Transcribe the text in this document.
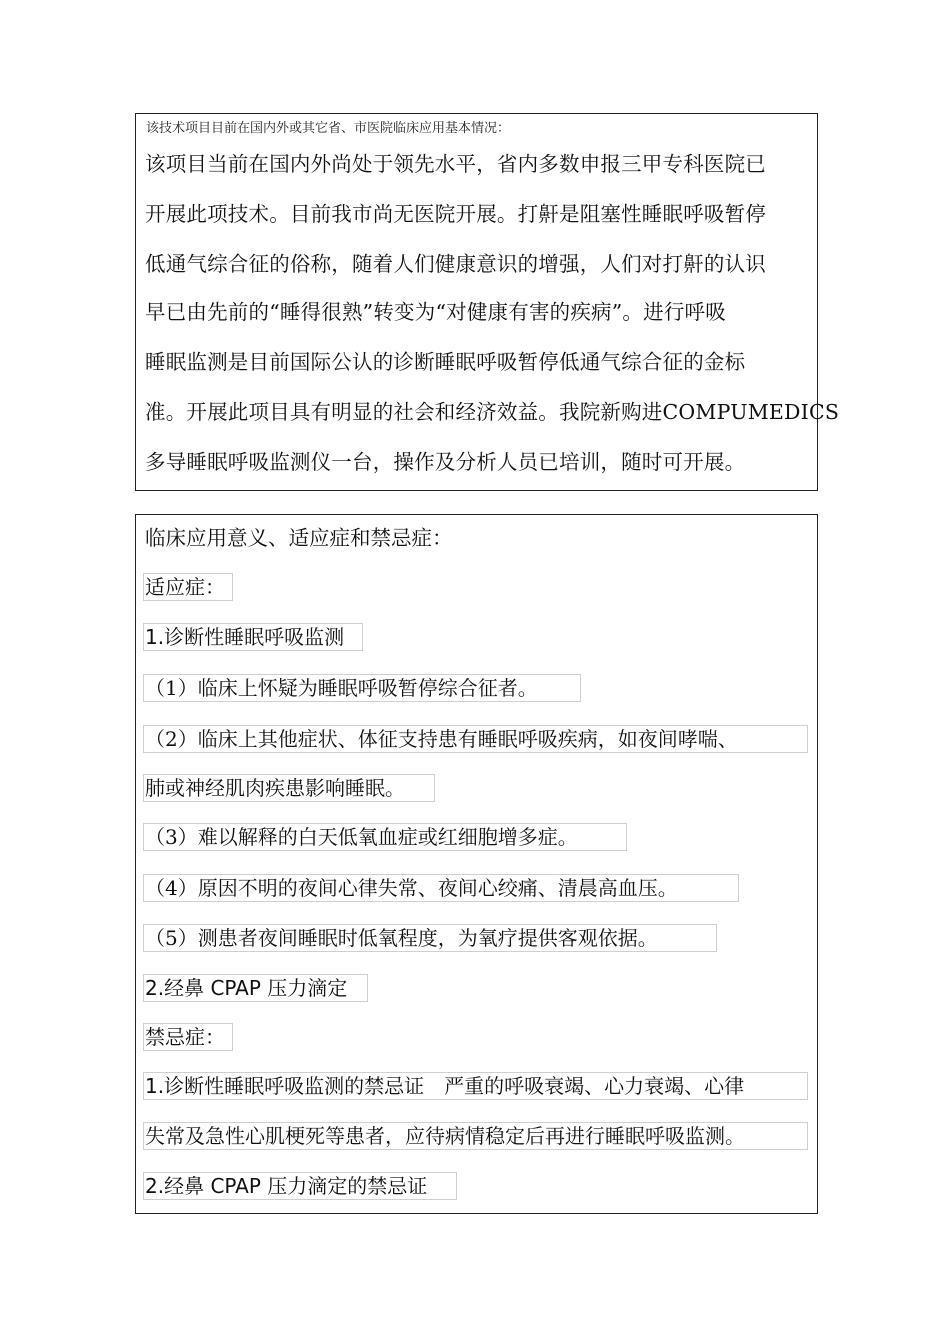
该技术项目目前在国内外或其它省、市医院临床应用基本情况：
该项目当前在国内外尚处于领先水平，省内多数申报三甲专科医院已
开展此项技术。目前我市尚无医院开展。打鼾是阻塞性睡眠呼吸暂停
低通气综合征的俗称，随着人们健康意识的增强，人们对打鼾的认识
早已由先前的“睡得很熟”转变为“对健康有害的疾病”。进行呼吸
睡眠监测是目前国际公认的诊断睡眠呼吸暂停低通气综合征的金标
准。开展此项目具有明显的社会和经济效益。我院新购进COMPUMEDICS
多导睡眠呼吸监测仪一台，操作及分析人员已培训，随时可开展。
临床应用意义、适应症和禁忌症：
适应症：
1.诊断性睡眠呼吸监测
（1）临床上怀疑为睡眠呼吸暂停综合征者。
（2）临床上其他症状、体征支持患有睡眠呼吸疾病，如夜间哮喘、
肺或神经肌肉疾患影响睡眠。
（3）难以解释的白天低氧血症或红细胞增多症。
（4）原因不明的夜间心律失常、夜间心绞痛、清晨高血压。
（5）测患者夜间睡眠时低氧程度，为氧疗提供客观依据。
2.经鼻 CPAP 压力滴定
禁忌症：
1.诊断性睡眠呼吸监测的禁忌证　严重的呼吸衰竭、心力衰竭、心律
失常及急性心肌梗死等患者，应待病情稳定后再进行睡眠呼吸监测。
2.经鼻 CPAP 压力滴定的禁忌证
